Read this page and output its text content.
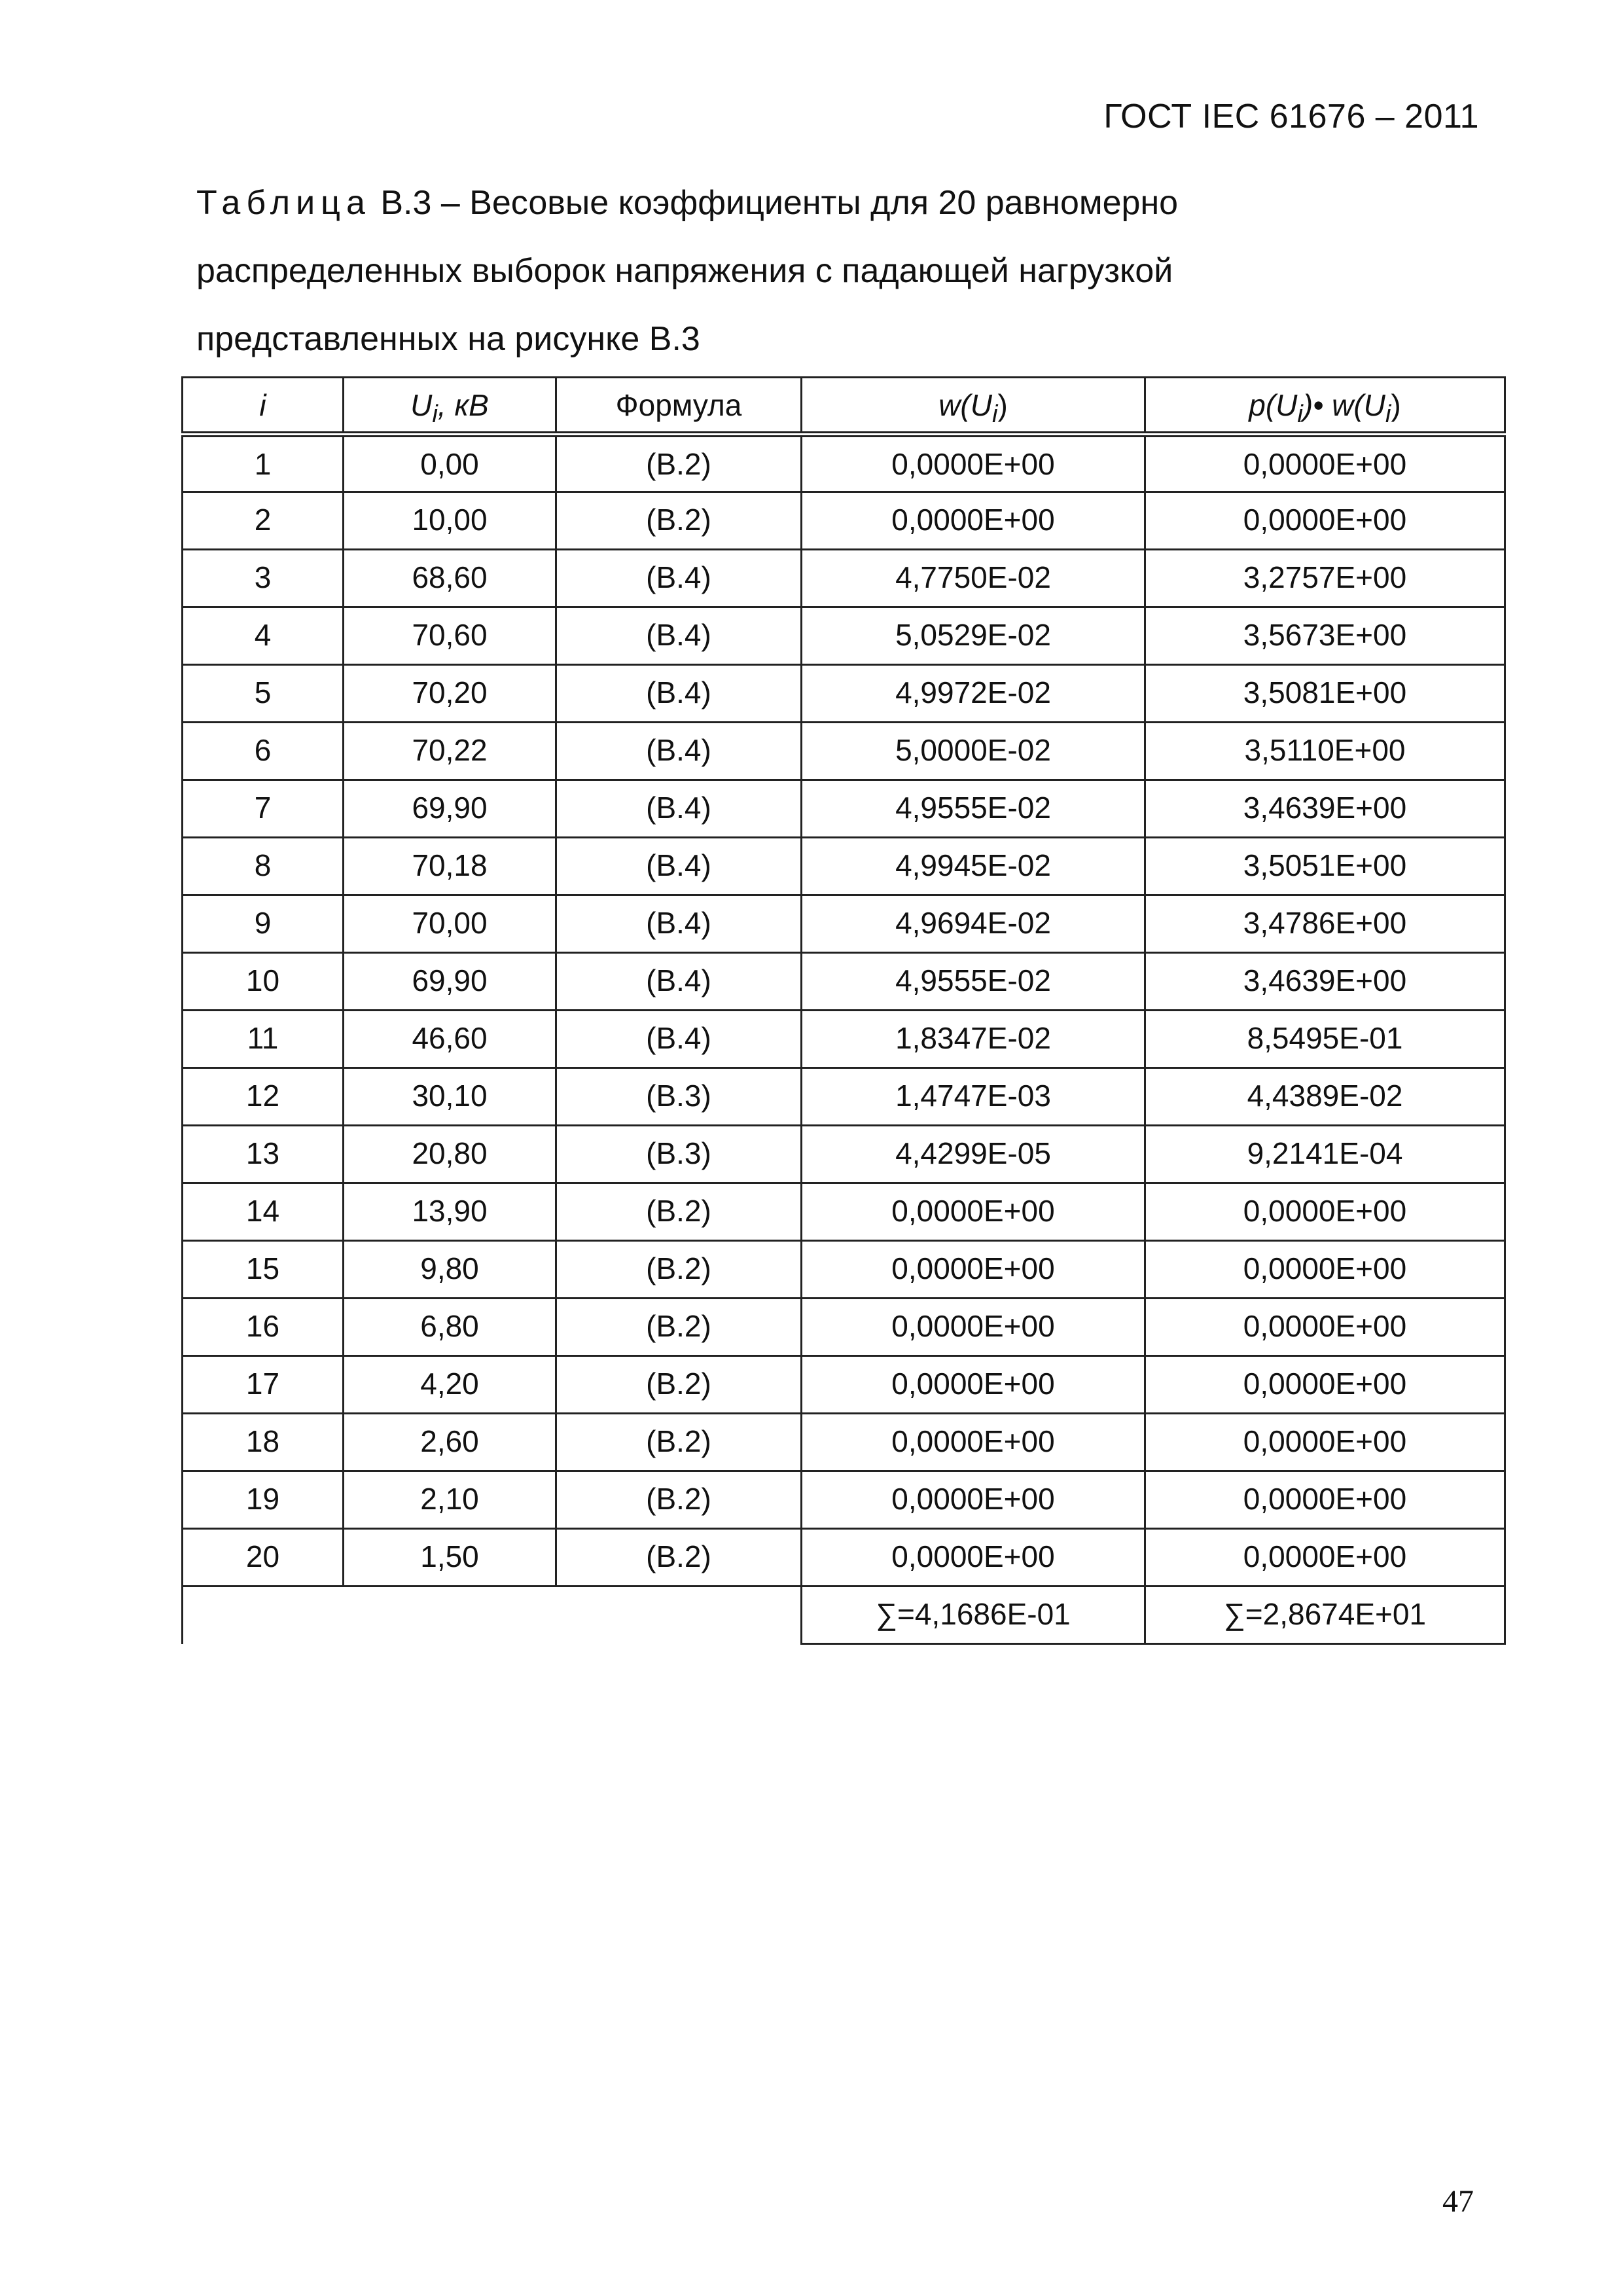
ГОСТ IEC 61676 – 2011
Таблица В.3 – Весовые коэффициенты для 20 равномерно
распределенных выборок напряжения с падающей нагрузкой
представленных на рисунке В.3
i	$U_i$, кВ	Формула	$w(U_i)$	$p(U_i)•$ $w(U_i)$
1	0,00	(В.2)	0,0000E+00	0,0000E+00
2	10,00	(В.2)	0,0000E+00	0,0000E+00
3	68,60	(В.4)	4,7750E-02	3,2757E+00
4	70,60	(В.4)	5,0529E-02	3,5673E+00
5	70,20	(В.4)	4,9972E-02	3,5081E+00
6	70,22	(В.4)	5,0000E-02	3,5110E+00
7	69,90	(В.4)	4,9555E-02	3,4639E+00
8	70,18	(В.4)	4,9945E-02	3,5051E+00
9	70,00	(В.4)	4,9694E-02	3,4786E+00
10	69,90	(В.4)	4,9555E-02	3,4639E+00
11	46,60	(В.4)	1,8347E-02	8,5495E-01
12	30,10	(В.3)	1,4747E-03	4,4389E-02
13	20,80	(В.3)	4,4299E-05	9,2141E-04
14	13,90	(В.2)	0,0000E+00	0,0000E+00
15	9,80	(В.2)	0,0000E+00	0,0000E+00
16	6,80	(В.2)	0,0000E+00	0,0000E+00
17	4,20	(В.2)	0,0000E+00	0,0000E+00
18	2,60	(В.2)	0,0000E+00	0,0000E+00
19	2,10	(В.2)	0,0000E+00	0,0000E+00
20	1,50	(В.2)	0,0000E+00	0,0000E+00
			∑=4,1686E-01	∑=2,8674E+01
47
